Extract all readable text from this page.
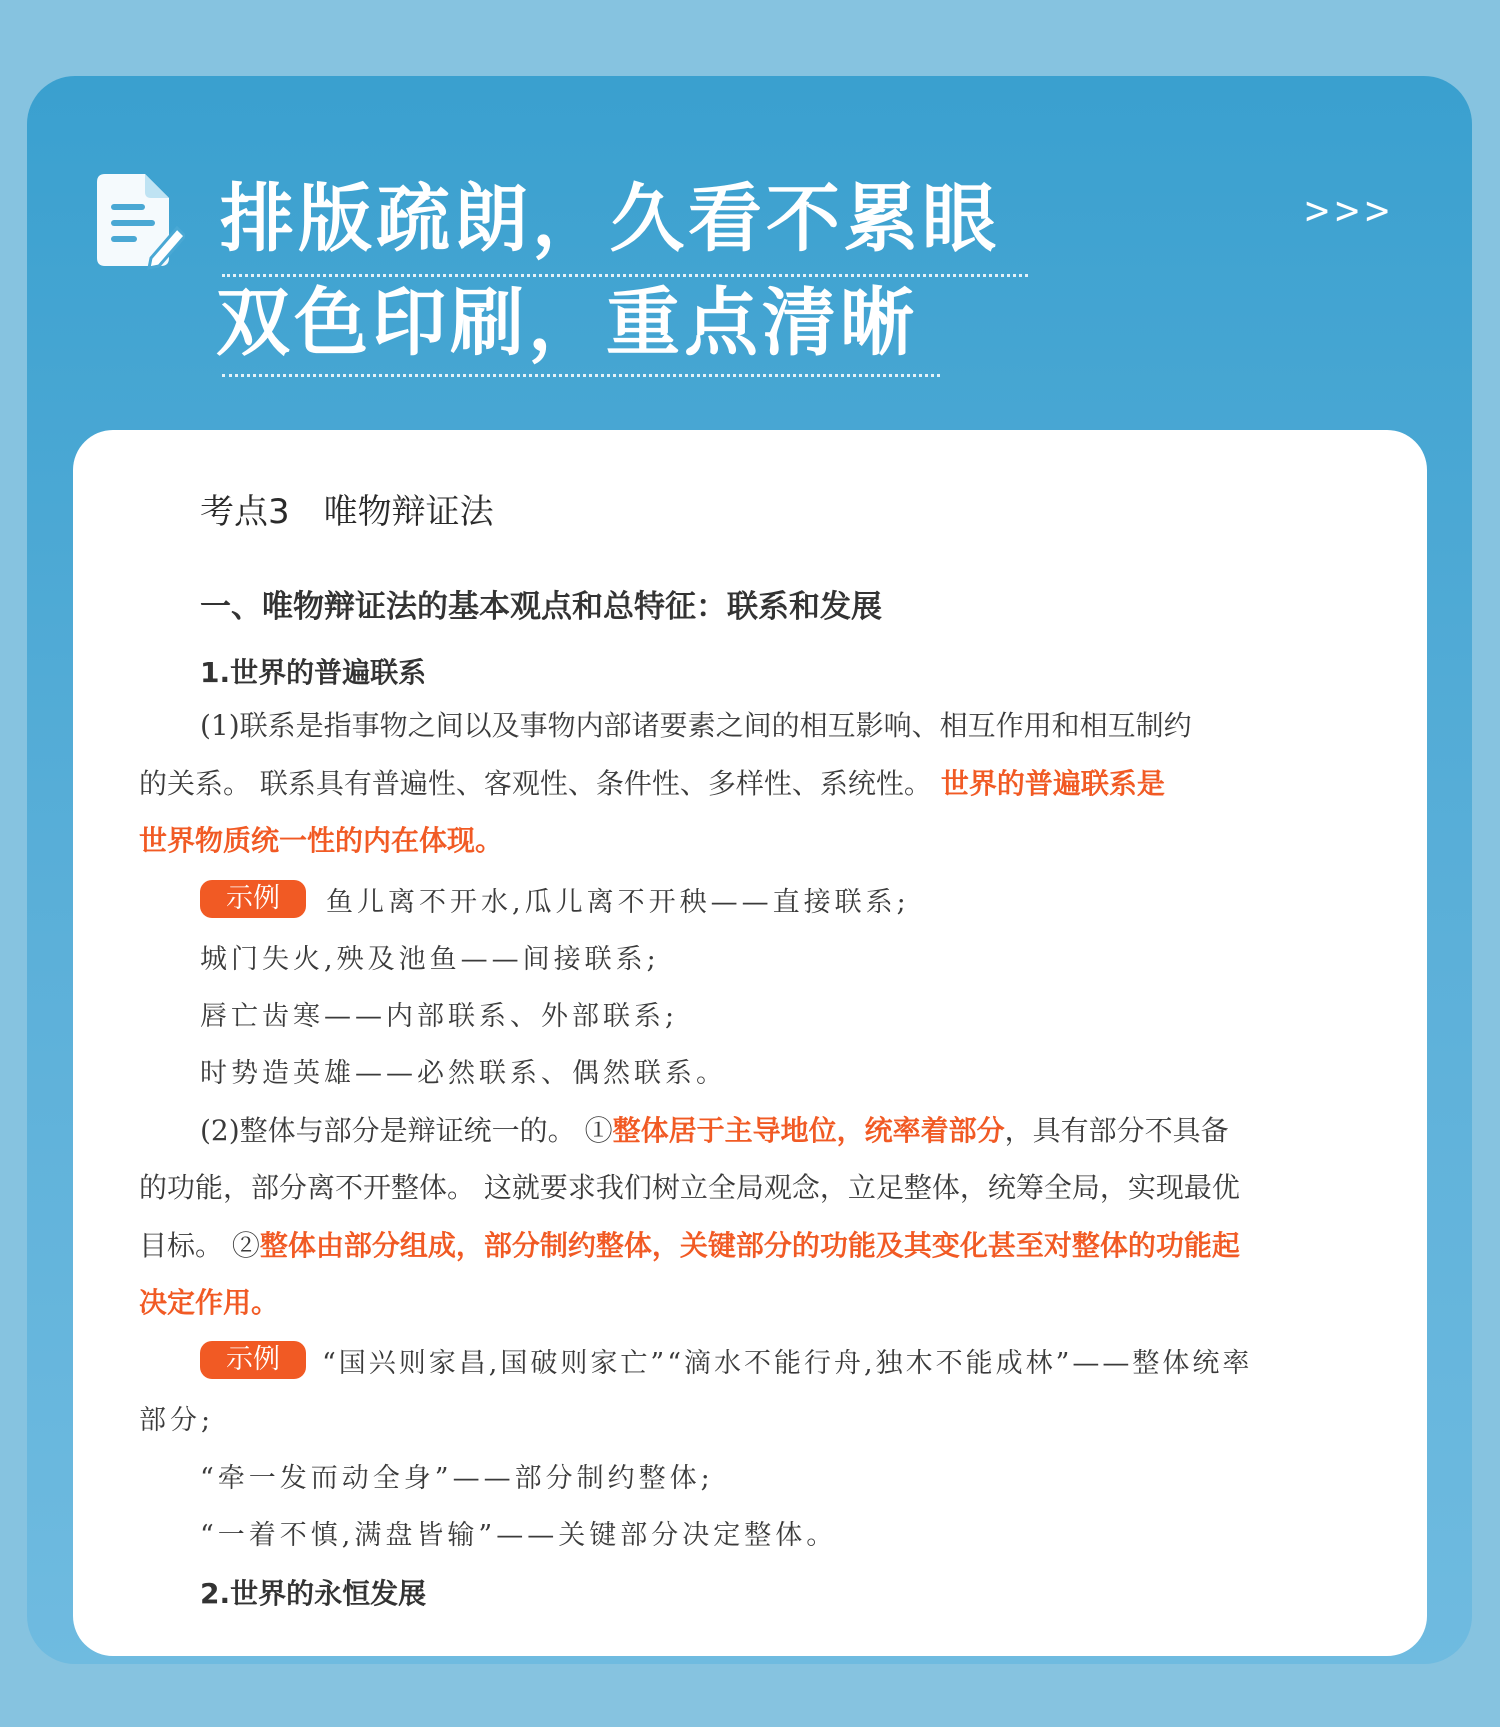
排版疏朗，久看不累眼
双色印刷，重点清晰
>>>
考点3　唯物辩证法
一、唯物辩证法的基本观点和总特征：联系和发展
1.世界的普遍联系
(1)联系是指事物之间以及事物内部诸要素之间的相互影响、相互作用和相互制约
的关系。 联系具有普遍性、客观性、条件性、多样性、系统性。 世界的普遍联系是
世界物质统一性的内在体现。
示例	鱼儿离不开水,瓜儿离不开秧——直接联系;
城门失火,殃及池鱼——间接联系;
唇亡齿寒——内部联系、外部联系;
时势造英雄——必然联系、偶然联系。
(2)整体与部分是辩证统一的。 ①整体居于主导地位，统率着部分，具有部分不具备
的功能，部分离不开整体。 这就要求我们树立全局观念，立足整体，统筹全局，实现最优
目标。 ②整体由部分组成，部分制约整体，关键部分的功能及其变化甚至对整体的功能起
决定作用。
示例	“国兴则家昌,国破则家亡”“滴水不能行舟,独木不能成林”——整体统率
部分;
“牵一发而动全身”——部分制约整体;
“一着不慎,满盘皆输”——关键部分决定整体。
2.世界的永恒发展
